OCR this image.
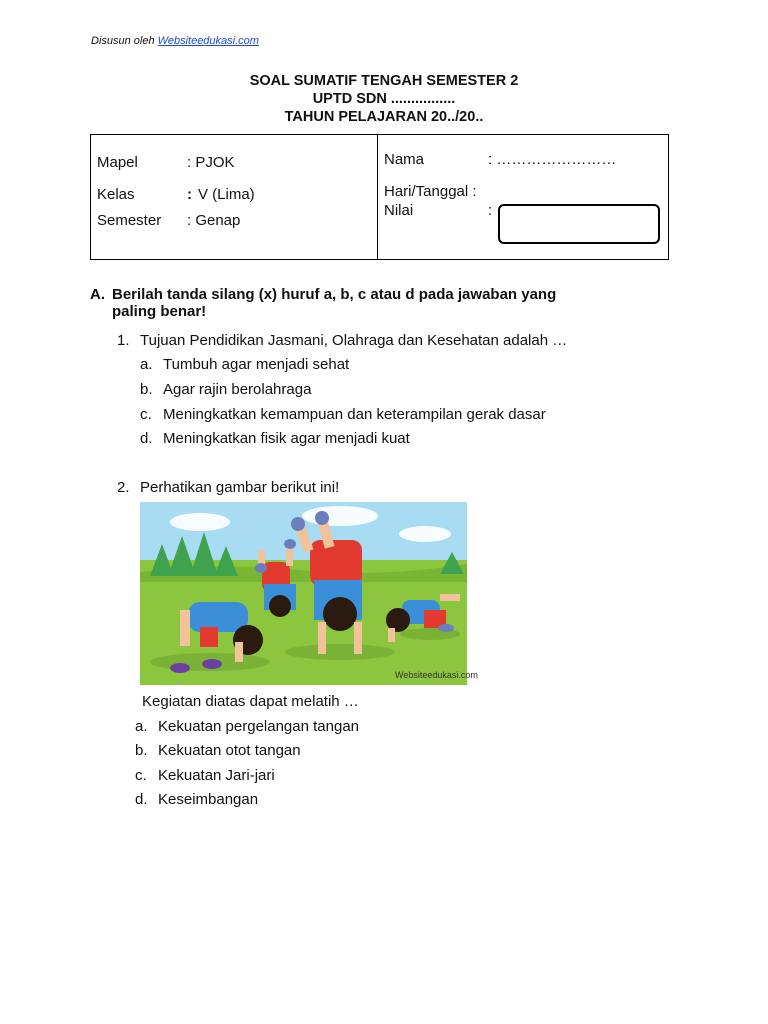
Disusun oleh Websiteedukasi.com
SOAL SUMATIF TENGAH SEMESTER 2
UPTD SDN ................
TAHUN PELAJARAN 20../20..
Mapel	: PJOK
Kelas	: V (Lima)
Semester : Genap
Nama	: ……………………
Hari/Tanggal :
Nilai	:
A. Berilah tanda silang (x) huruf a, b, c atau d pada jawaban yang
paling benar!
1. Tujuan Pendidikan Jasmani, Olahraga dan Kesehatan adalah …
a. Tumbuh agar menjadi sehat
b. Agar rajin berolahraga
c. Meningkatkan kemampuan dan keterampilan gerak dasar
d. Meningkatkan fisik agar menjadi kuat
2. Perhatikan gambar berikut ini!
Websiteedukasi.com
Kegiatan diatas dapat melatih …
a. Kekuatan pergelangan tangan
b. Kekuatan otot tangan
c. Kekuatan Jari-jari
d. Keseimbangan
